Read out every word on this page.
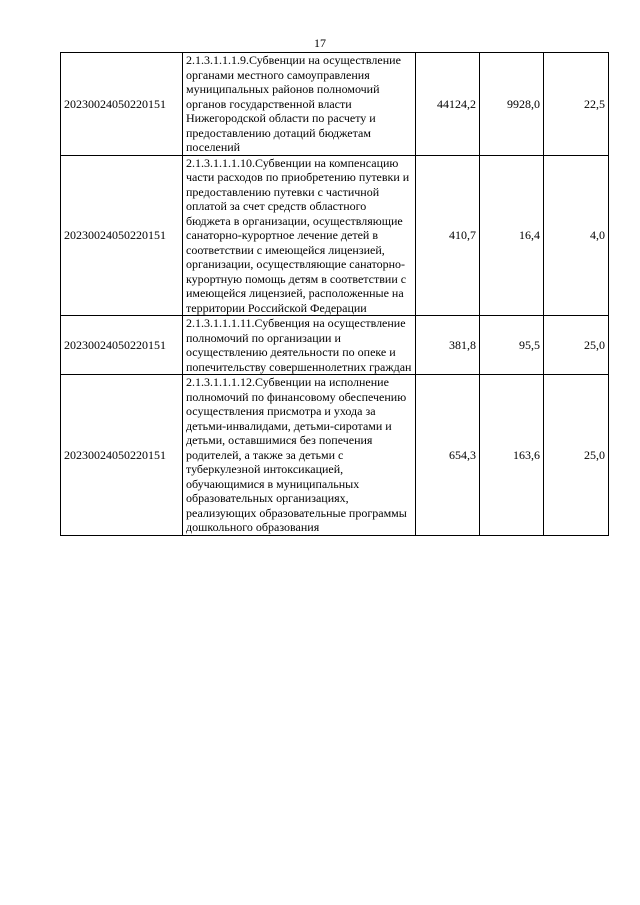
17
20230024050220151	2.1.3.1.1.1.9.Субвенции на осуществление органами местного самоуправления муниципальных районов полномочий органов государственной власти Нижегородской области по расчету и предоставлению дотаций бюджетам поселений	44124,2	9928,0	22,5
20230024050220151	2.1.3.1.1.1.10.Субвенции на компенсацию части расходов по приобретению путевки и предоставлению путевки с частичной оплатой за счет средств областного бюджета в организации, осуществляющие санаторно-курортное лечение детей в соответствии с имеющейся лицензией, организации, осуществляющие санаторно-курортную помощь детям в соответствии с имеющейся лицензией, расположенные на территории Российской Федерации	410,7	16,4	4,0
20230024050220151	2.1.3.1.1.1.11.Субвенция на осуществление полномочий по организации и осуществлению деятельности по опеке и попечительству совершеннолетних граждан	381,8	95,5	25,0
20230024050220151	2.1.3.1.1.1.12.Субвенции на исполнение полномочий по финансовому обеспечению осуществления присмотра и ухода за детьми-инвалидами, детьми-сиротами и детьми, оставшимися без попечения родителей, а также за детьми с туберкулезной интоксикацией, обучающимися в муниципальных образовательных организациях, реализующих образовательные программы дошкольного образования	654,3	163,6	25,0
